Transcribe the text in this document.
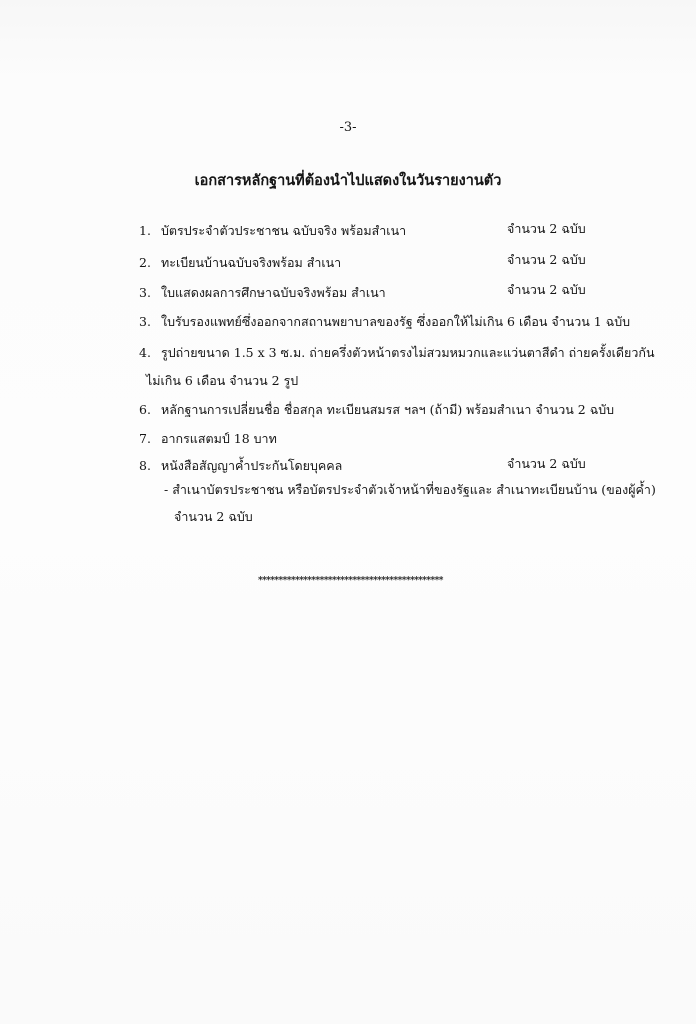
-3-
เอกสารหลักฐานที่ต้องนำไปแสดงในวันรายงานตัว
1. บัตรประจำตัวประชาชน ฉบับจริง พร้อมสำเนา	จำนวน 2 ฉบับ
2. ทะเบียนบ้านฉบับจริงพร้อม สำเนา	จำนวน 2 ฉบับ
3. ใบแสดงผลการศึกษาฉบับจริงพร้อม สำเนา	จำนวน 2 ฉบับ
3. ใบรับรองแพทย์ซึ่งออกจากสถานพยาบาลของรัฐ ซึ่งออกให้ไม่เกิน 6 เดือน จำนวน 1 ฉบับ
4. รูปถ่ายขนาด 1.5 x 3 ซ.ม. ถ่ายครึ่งตัวหน้าตรงไม่สวมหมวกและแว่นตาสีดำ ถ่ายครั้งเดียวกัน
ไม่เกิน 6 เดือน จำนวน 2 รูป
6. หลักฐานการเปลี่ยนชื่อ ชื่อสกุล ทะเบียนสมรส ฯลฯ (ถ้ามี) พร้อมสำเนา จำนวน 2 ฉบับ
7. อากรแสตมป์ 18 บาท
8. หนังสือสัญญาค้ำประกันโดยบุคคล	จำนวน 2 ฉบับ
- สำเนาบัตรประชาชน หรือบัตรประจำตัวเจ้าหน้าที่ของรัฐและ สำเนาทะเบียนบ้าน (ของผู้ค้ำ)
จำนวน 2 ฉบับ
*********************************************
